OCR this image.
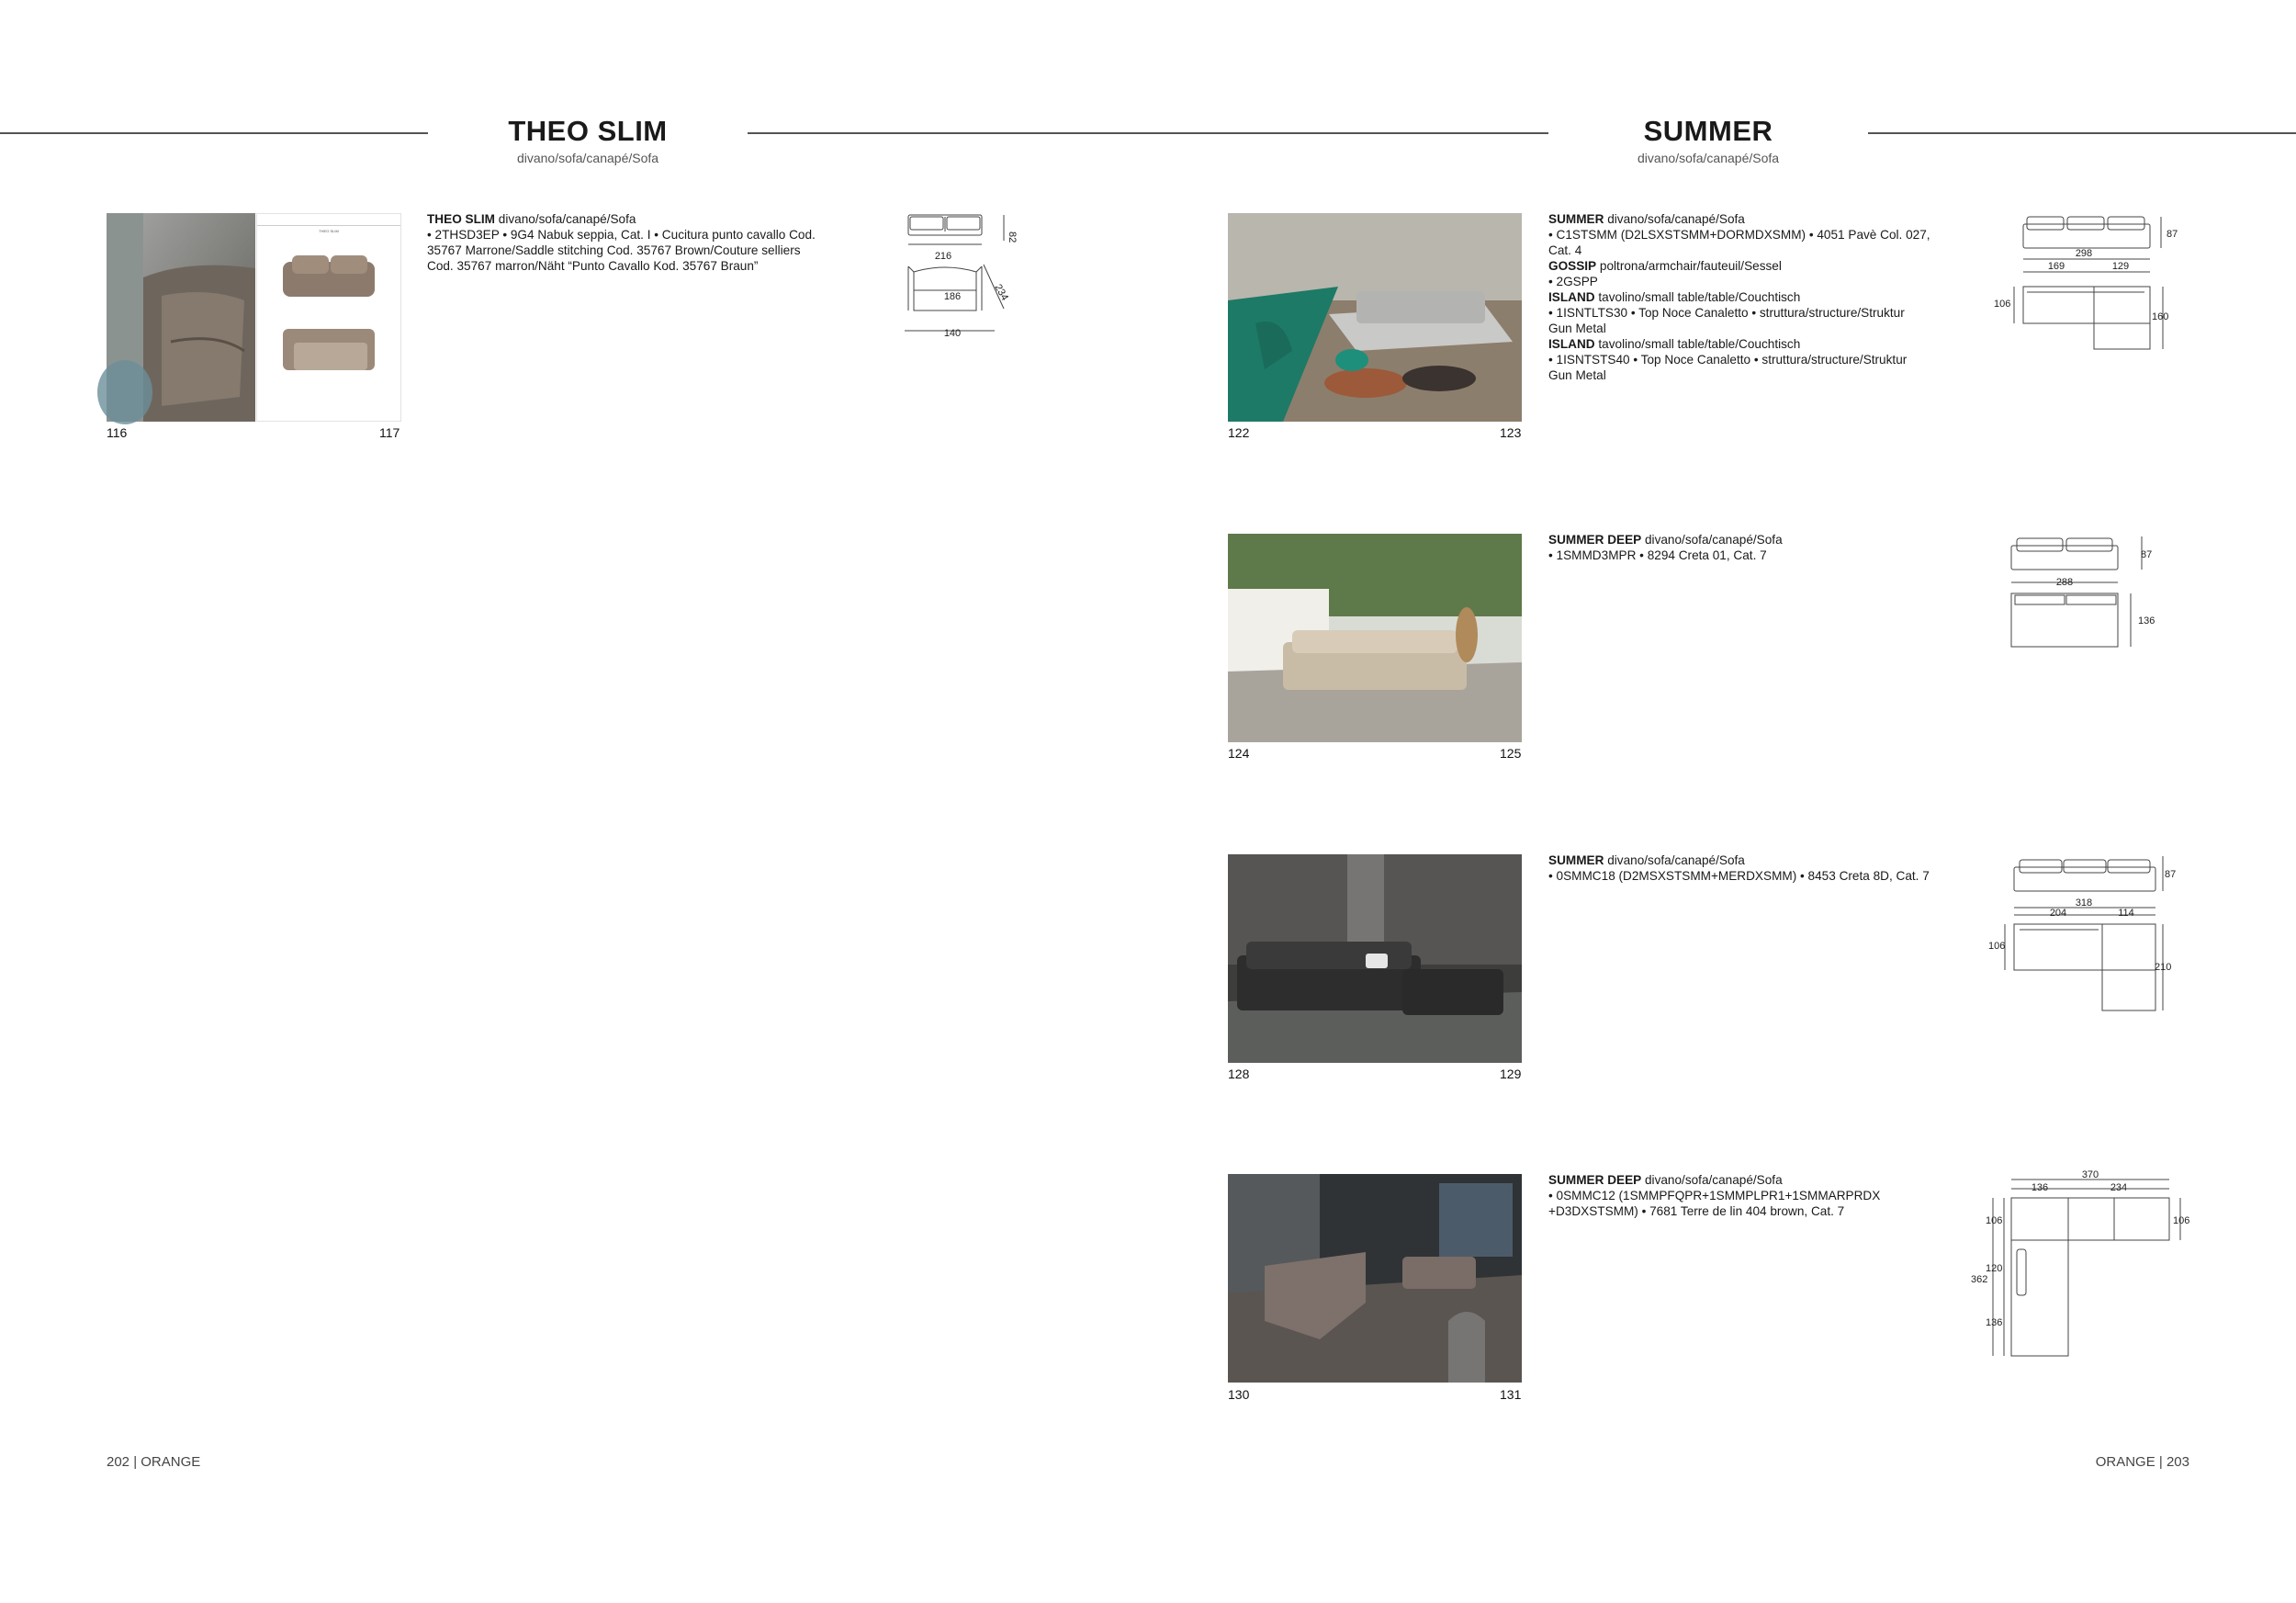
THEO SLIM
divano/sofa/canapé/Sofa
SUMMER
divano/sofa/canapé/Sofa
THEO SLIM
116	117

THEO SLIM divano/sofa/canapé/Sofa

• 2THSD3EP • 9G4 Nabuk seppia, Cat. I • Cucitura punto cavallo Cod.

35767 Marrone/Saddle stitching Cod. 35767 Brown/Couture selliers

Cod. 35767 marron/Näht “Punto Cavallo Kod. 35767 Braun”

82
216
234
186
140
122	123

SUMMER divano/sofa/canapé/Sofa

• C1STSMM (D2LSXSTSMM+DORMDXSMM) • 4051 Pavè Col. 027,

Cat. 4

GOSSIP poltrona/armchair/fauteuil/Sessel

• 2GSPP

ISLAND tavolino/small table/table/Couchtisch

• 1ISNTLTS30 • Top Noce Canaletto • struttura/structure/Struktur

Gun Metal

ISLAND tavolino/small table/table/Couchtisch

• 1ISNTSTS40 • Top Noce Canaletto • struttura/structure/Struktur

Gun Metal

87
298
169	129
106
160
124	125

SUMMER DEEP divano/sofa/canapé/Sofa

• 1SMMD3MPR • 8294 Creta 01, Cat. 7	87
288
136
128	129

SUMMER divano/sofa/canapé/Sofa

• 0SMMC18 (D2MSXSTSMM+MERDXSMM) • 8453 Creta 8D, Cat. 7	87
318
204	114
106
210
130	131

SUMMER DEEP divano/sofa/canapé/Sofa

• 0SMMC12 (1SMMPFQPR+1SMMPLPR1+1SMMARPRDX

+D3DXSTSMM) • 7681 Terre de lin 404 brown, Cat. 7

370
136	234
106	106
120
362
136
202 | ORANGE	ORANGE | 203
